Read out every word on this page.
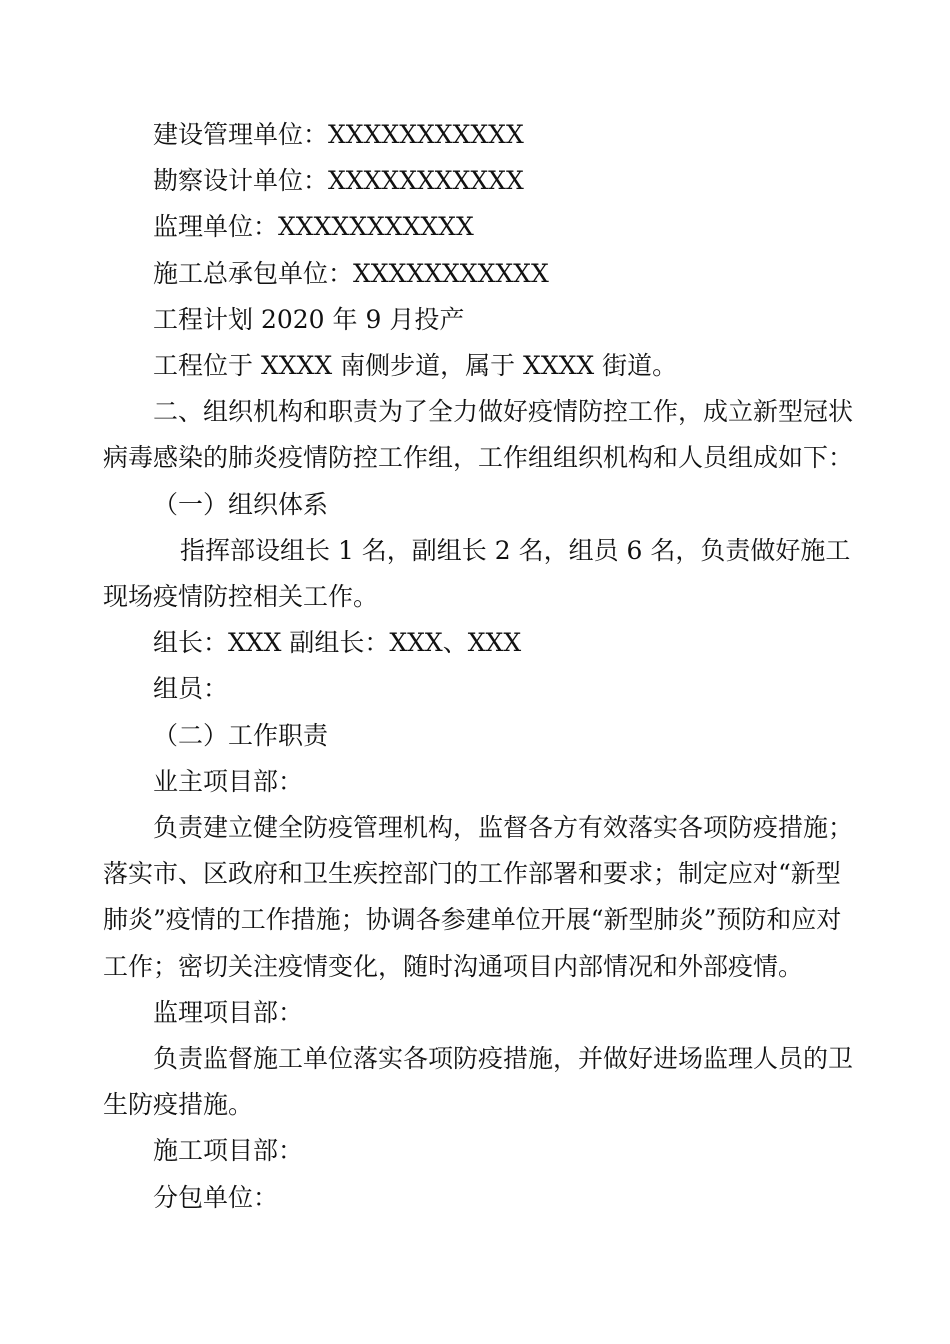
建设管理单位：XXXXXXXXXXX

勘察设计单位：XXXXXXXXXXX

监理单位：XXXXXXXXXXX

施工总承包单位：XXXXXXXXXXX

工程计划 2020 年 9 月投产

工程位于 XXXX 南侧步道，属于 XXXX 街道。

二、组织机构和职责为了全力做好疫情防控工作，成立新型冠状病毒感染的肺炎疫情防控工作组，工作组组织机构和人员组成如下：

（一）组织体系

指挥部设组长 1 名，副组长 2 名，组员 6 名，负责做好施工现场疫情防控相关工作。

组长：XXX 副组长：XXX、XXX

组员：

（二）工作职责

业主项目部：

负责建立健全防疫管理机构，监督各方有效落实各项防疫措施；落实市、区政府和卫生疾控部门的工作部署和要求；制定应对“新型肺炎”疫情的工作措施；协调各参建单位开展“新型肺炎”预防和应对工作；密切关注疫情变化，随时沟通项目内部情况和外部疫情。

监理项目部：

负责监督施工单位落实各项防疫措施，并做好进场监理人员的卫生防疫措施。

施工项目部：

分包单位：
